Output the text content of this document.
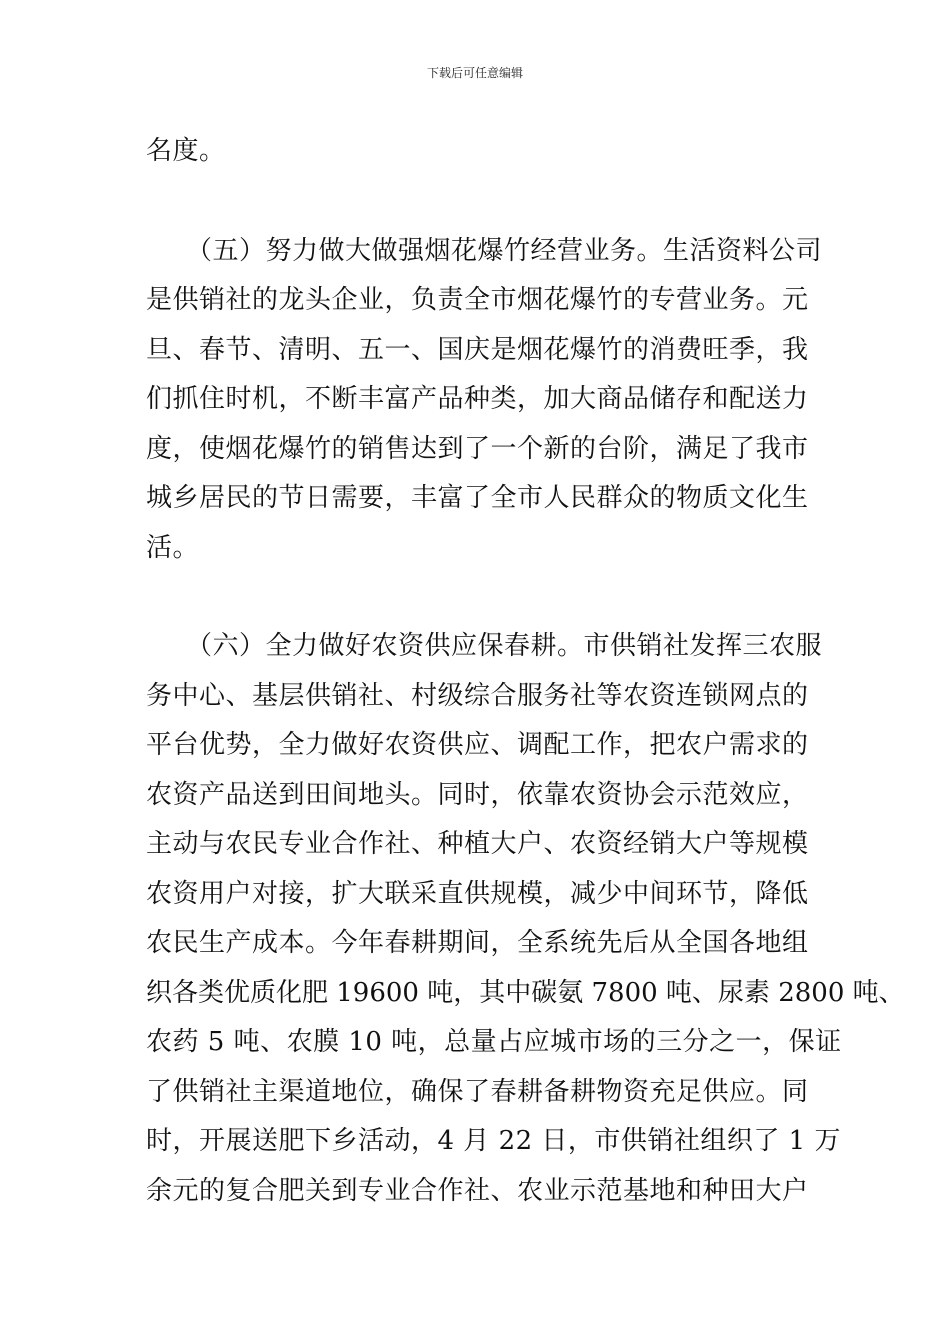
下载后可任意编辑
名度。
（五）努力做大做强烟花爆竹经营业务。生活资料公司
是供销社的龙头企业，负责全市烟花爆竹的专营业务。元
旦、春节、清明、五一、国庆是烟花爆竹的消费旺季，我
们抓住时机，不断丰富产品种类，加大商品储存和配送力
度，使烟花爆竹的销售达到了一个新的台阶，满足了我市
城乡居民的节日需要，丰富了全市人民群众的物质文化生
活。
（六）全力做好农资供应保春耕。市供销社发挥三农服
务中心、基层供销社、村级综合服务社等农资连锁网点的
平台优势，全力做好农资供应、调配工作，把农户需求的
农资产品送到田间地头。同时，依靠农资协会示范效应，
主动与农民专业合作社、种植大户、农资经销大户等规模
农资用户对接，扩大联采直供规模，减少中间环节，降低
农民生产成本。今年春耕期间，全系统先后从全国各地组
织各类优质化肥 19600 吨，其中碳氨 7800 吨、尿素 2800 吨、
农药 5 吨、农膜 10 吨，总量占应城市场的三分之一，保证
了供销社主渠道地位，确保了春耕备耕物资充足供应。同
时，开展送肥下乡活动，4 月 22 日，市供销社组织了 1 万
余元的复合肥关到专业合作社、农业示范基地和种田大户
